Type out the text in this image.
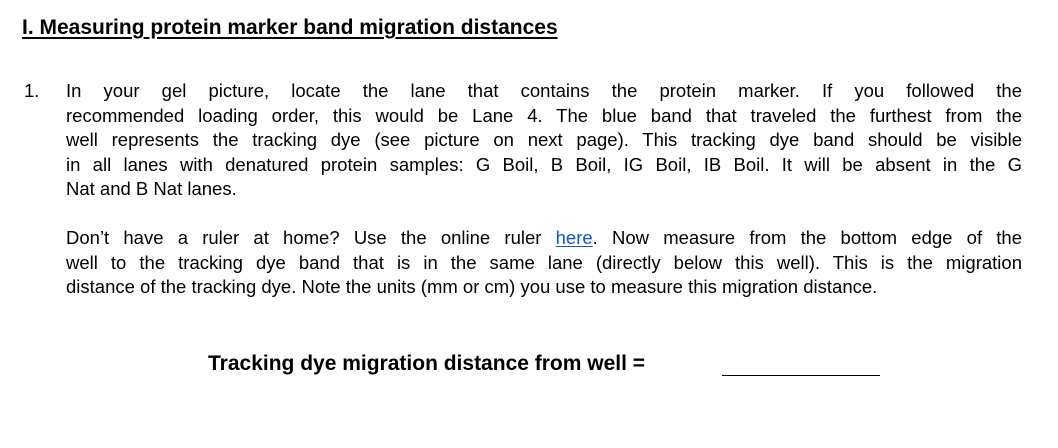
I. Measuring protein marker band migration distances
1. In your gel picture, locate the lane that contains the protein marker. If you followed the
recommended loading order, this would be Lane 4. The blue band that traveled the furthest from the
well represents the tracking dye (see picture on next page). This tracking dye band should be visible
in all lanes with denatured protein samples: G Boil, B Boil, IG Boil, IB Boil. It will be absent in the G
Nat and B Nat lanes.
Don’t have a ruler at home? Use the online ruler here. Now measure from the bottom edge of the
well to the tracking dye band that is in the same lane (directly below this well). This is the migration
distance of the tracking dye. Note the units (mm or cm) you use to measure this migration distance.
Tracking dye migration distance from well =
